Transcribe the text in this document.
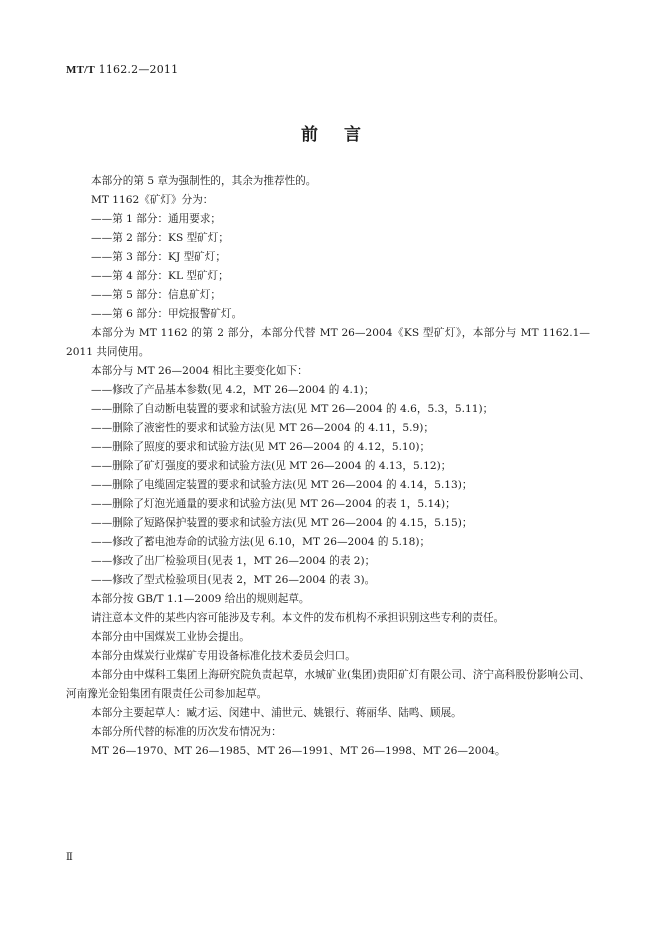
MT/T 1162.2—2011
前言

本部分的第 5 章为强制性的，其余为推荐性的。

MT 1162《矿灯》分为：

——第 1 部分：通用要求；

——第 2 部分：KS 型矿灯；

——第 3 部分：KJ 型矿灯；

——第 4 部分：KL 型矿灯；

——第 5 部分：信息矿灯；

——第 6 部分：甲烷报警矿灯。

本部分为 MT 1162 的第 2 部分，本部分代替 MT 26—2004《KS 型矿灯》，本部分与 MT 1162.1—2011 共同使用。

本部分与 MT 26—2004 相比主要变化如下：

——修改了产品基本参数(见 4.2，MT 26—2004 的 4.1)；

——删除了自动断电装置的要求和试验方法(见 MT 26—2004 的 4.6，5.3，5.11)；

——删除了液密性的要求和试验方法(见 MT 26—2004 的 4.11，5.9)；

——删除了照度的要求和试验方法(见 MT 26—2004 的 4.12，5.10)；

——删除了矿灯强度的要求和试验方法(见 MT 26—2004 的 4.13，5.12)；

——删除了电缆固定装置的要求和试验方法(见 MT 26—2004 的 4.14，5.13)；

——删除了灯泡光通量的要求和试验方法(见 MT 26—2004 的表 1，5.14)；

——删除了短路保护装置的要求和试验方法(见 MT 26—2004 的 4.15，5.15)；

——修改了蓄电池寿命的试验方法(见 6.10，MT 26—2004 的 5.18)；

——修改了出厂检验项目(见表 1，MT 26—2004 的表 2)；

——修改了型式检验项目(见表 2，MT 26—2004 的表 3)。

本部分按 GB/T 1.1—2009 给出的规则起草。

请注意本文件的某些内容可能涉及专利。本文件的发布机构不承担识别这些专利的责任。

本部分由中国煤炭工业协会提出。

本部分由煤炭行业煤矿专用设备标准化技术委员会归口。

本部分由中煤科工集团上海研究院负责起草，水城矿业(集团)贵阳矿灯有限公司、济宁高科股份影响公司、河南豫光金铅集团有限责任公司参加起草。

本部分主要起草人：臧才运、闵建中、浦世元、姚银行、蒋丽华、陆鸣、顾展。

本部分所代替的标准的历次发布情况为：

MT 26—1970、MT 26—1985、MT 26—1991、MT 26—1998、MT 26—2004。

Ⅱ
